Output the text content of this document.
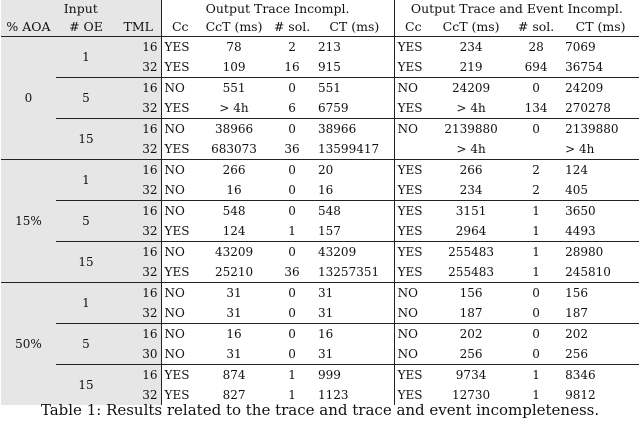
Input			Output Trace Incompl.				Output Trace and Event Incompl.			
% AOA	# OE	TML	Cc	CcT (ms)	# sol.	CT (ms)	Cc	CcT (ms)	# sol.	CT (ms)
0	1	16	YES	78	2	213	YES	234	28	7069
		32	YES	109	16	915	YES	219	694	36754
	5	16	NO	551	0	551	NO	24209	0	24209
		32	YES	> 4h	6	6759	YES	> 4h	134	270278
	15	16	NO	38966	0	38966	NO	2139880	0	2139880
		32	YES	683073	36	13599417		> 4h		> 4h
15%	1	16	NO	266	0	20	YES	266	2	124
		32	NO	16	0	16	YES	234	2	405
	5	16	NO	548	0	548	YES	3151	1	3650
		32	YES	124	1	157	YES	2964	1	4493
	15	16	NO	43209	0	43209	YES	255483	1	28980
		32	YES	25210	36	13257351	YES	255483	1	245810
50%	1	16	NO	31	0	31	NO	156	0	156
		32	NO	31	0	31	NO	187	0	187
	5	16	NO	16	0	16	NO	202	0	202
		30	NO	31	0	31	NO	256	0	256
	15	16	YES	874	1	999	YES	9734	1	8346
		32	YES	827	1	1123	YES	12730	1	9812
Table 1: Results related to the trace and trace and event incompleteness.
